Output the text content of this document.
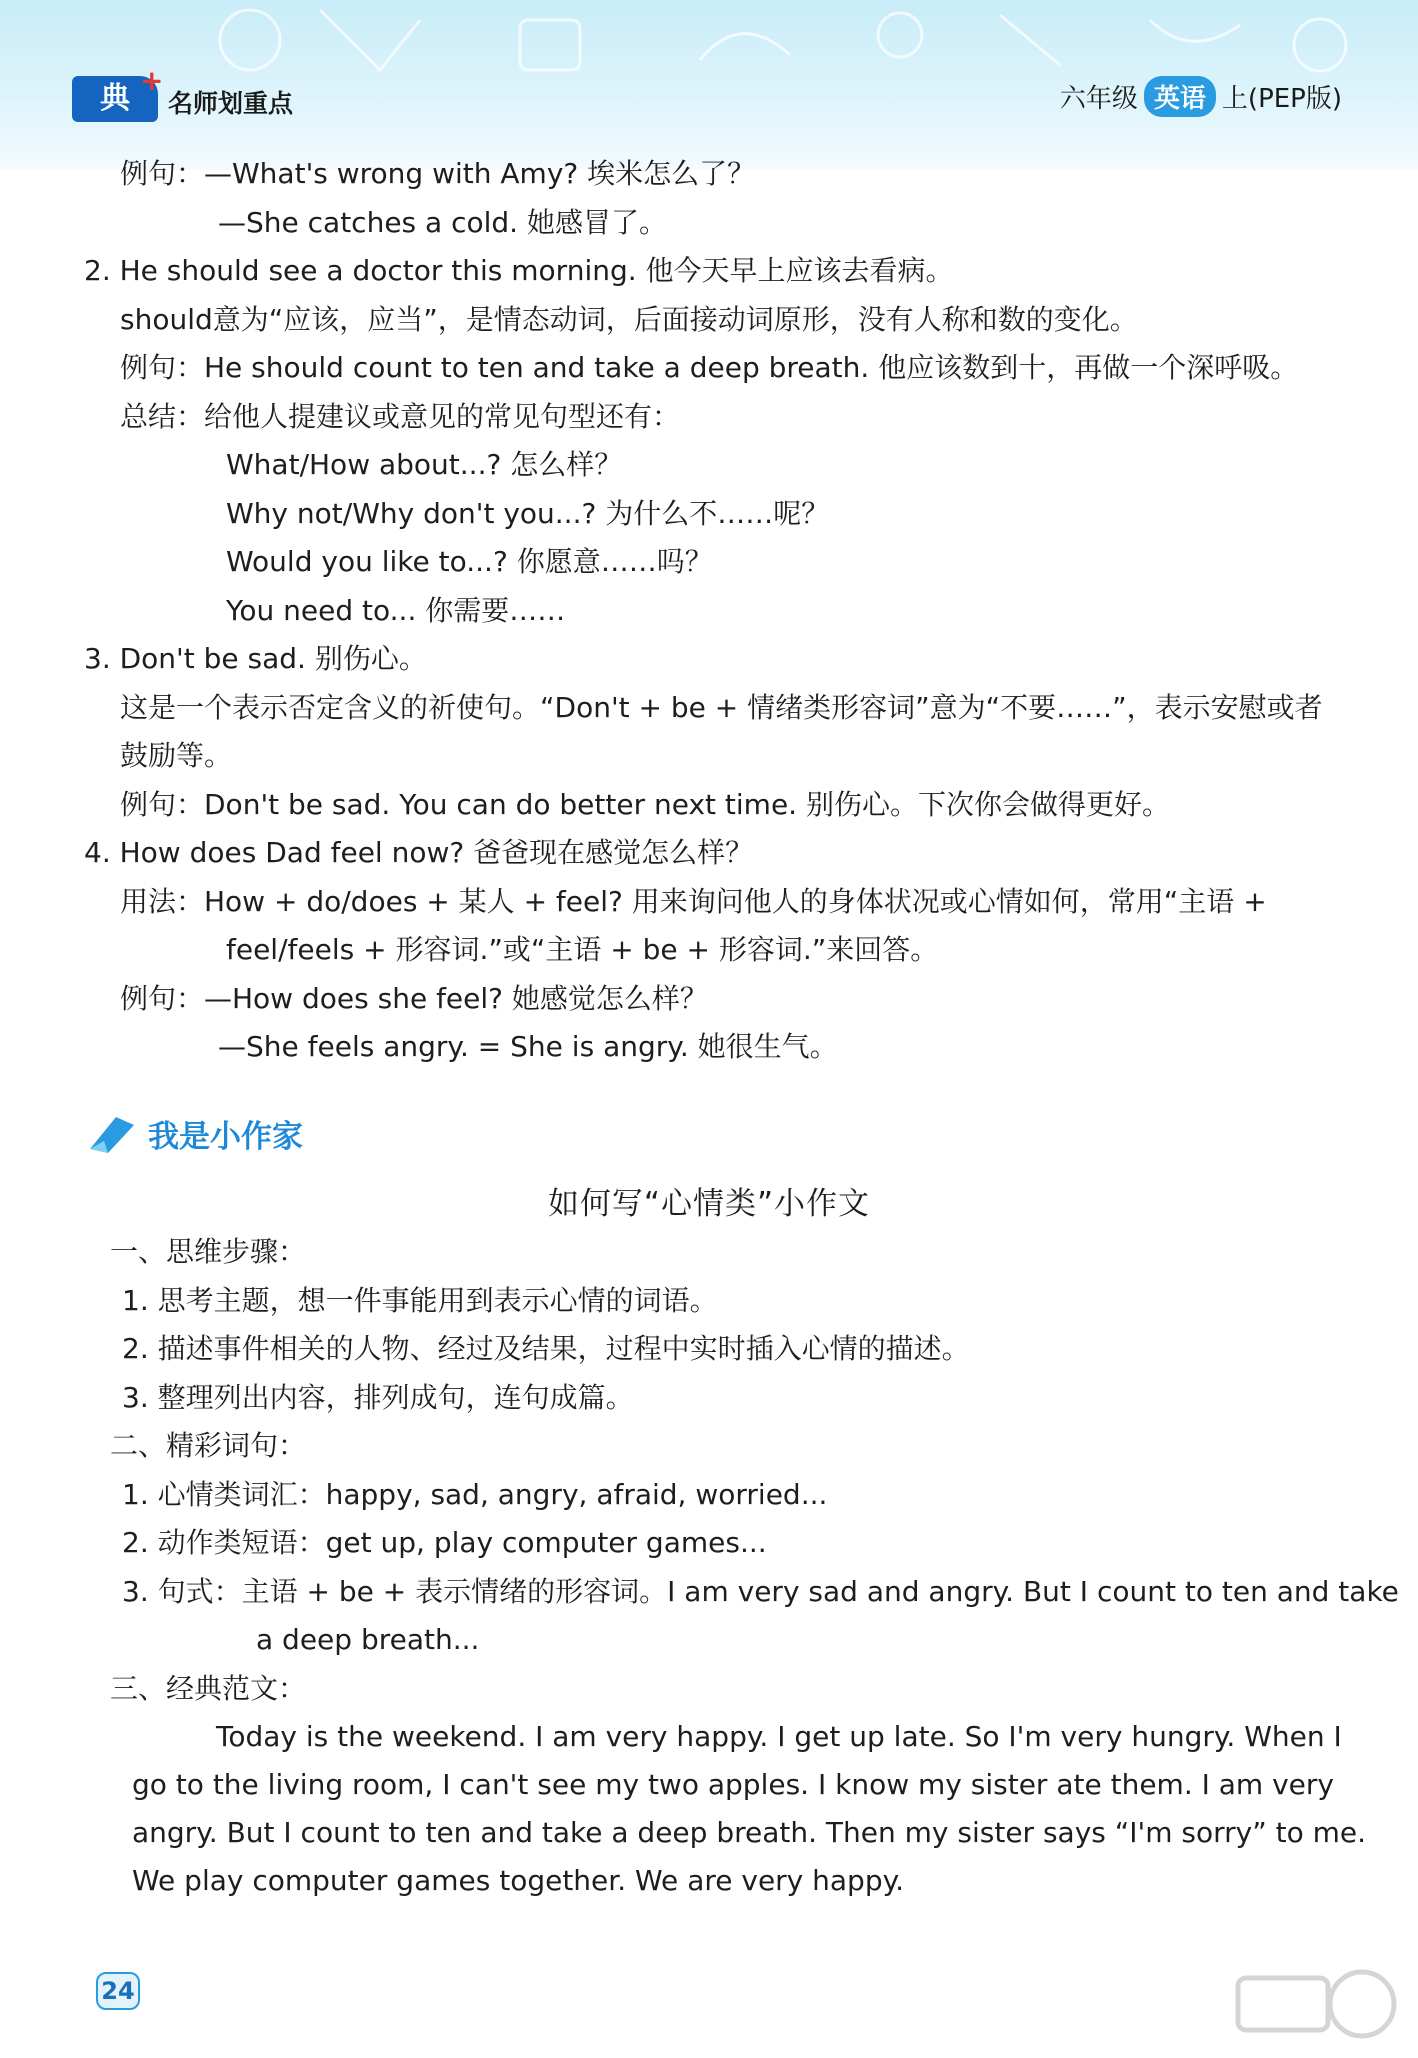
典
+
名师划重点	六年级 英语 上(PEP版)
例句：—What's wrong with Amy? 埃米怎么了？
—She catches a cold. 她感冒了。
2. He should see a doctor this morning. 他今天早上应该去看病。
should意为“应该，应当”，是情态动词，后面接动词原形，没有人称和数的变化。
例句：He should count to ten and take a deep breath. 他应该数到十，再做一个深呼吸。
总结：给他人提建议或意见的常见句型还有：
What/How about...? 怎么样？
Why not/Why don't you...? 为什么不……呢？
Would you like to...? 你愿意……吗？
You need to... 你需要……
3. Don't be sad. 别伤心。
这是一个表示否定含义的祈使句。“Don't + be + 情绪类形容词”意为“不要……”，表示安慰或者
鼓励等。
例句：Don't be sad. You can do better next time. 别伤心。下次你会做得更好。
4. How does Dad feel now? 爸爸现在感觉怎么样？
用法：How + do/does + 某人 + feel? 用来询问他人的身体状况或心情如何，常用“主语 +
feel/feels + 形容词.”或“主语 + be + 形容词.”来回答。
例句：—How does she feel? 她感觉怎么样？
—She feels angry. = She is angry. 她很生气。
我是小作家
如何写“心情类”小作文
一、思维步骤：
1. 思考主题，想一件事能用到表示心情的词语。
2. 描述事件相关的人物、经过及结果，过程中实时插入心情的描述。
3. 整理列出内容，排列成句，连句成篇。
二、精彩词句：
1. 心情类词汇：happy, sad, angry, afraid, worried...
2. 动作类短语：get up, play computer games...
3. 句式：主语 + be + 表示情绪的形容词。I am very sad and angry. But I count to ten and take
a deep breath...
三、经典范文：
Today is the weekend. I am very happy. I get up late. So I'm very hungry. When I go to the living room, I can't see my two apples. I know my sister ate them. I am very angry. But I count to ten and take a deep breath. Then my sister says “I'm sorry” to me. We play computer games together. We are very happy.
24
